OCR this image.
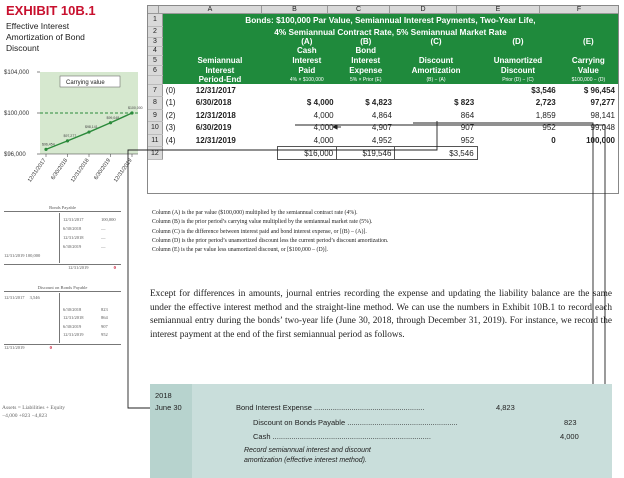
EXHIBIT 10B.1
Effective Interest Amortization of Bond Discount
$104,000
$100,000
$96,000
Carrying value
$96,454
12/31/2017
$97,277
6/30/2018
$98,141
12/31/2018
$99,048
6/30/2019
$100,000
12/31/2019
A	B	C	D	E	F
1	Bonds: $100,000 Par Value, Semiannual Interest Payments, Two-Year Life,					
2	4% Semiannual Contract Rate, 5% Semiannual Market Rate					
3		(A)	(B)	(C)	(D)	(E)
4		Cash	Bond			
5	Semiannual	Interest	Interest	Discount	Unamortized	Carrying
6	Interest	Paid	Expense	Amortization	Discount	Value
	Period-End	4% × $100,000	5% × Prior (E)	(B) − (A)	Prior (D) − (C)	$100,000 − (D)
7	(0) 12/31/2017				$3,546	$ 96,454
8	(1) 6/30/2018	$ 4,000	$ 4,823	$ 823	2,723	97,277
9	(2) 12/31/2018	4,000	4,864	864	1,859	98,141
10	(3) 6/30/2019	4,000	4,907	907	952	99,048
11	(4) 12/31/2019	4,000	4,952	952	0	100,000
12		$16,000	$19,546	$3,546		
Bonds Payable
12/31/2019 100,000
12/31/2017	100,000
6/30/2018	—
12/31/2018	—
6/30/2019	—
12/31/2019	0
Discount on Bonds Payable
12/31/2017 3,546
6/30/2018	823
12/31/2018	864
6/30/2019	907
12/31/2019	952
12/31/2019	0
Column (A) is the par value ($100,000) multiplied by the semiannual contract rate (4%).
Column (B) is the prior period’s carrying value multiplied by the semiannual market rate (5%).
Column (C) is the difference between interest paid and bond interest expense, or [(B) – (A)].
Column (D) is the prior period’s unamortized discount less the current period’s discount amortization.
Column (E) is the par value less unamortized discount, or [$100,000 – (D)].
Except for differences in amounts, journal entries recording the expense and updating the liability balance are the same under the effective interest method and the straight-line method. We can use the numbers in Exhibit 10B.1 to record each semiannual entry during the bonds’ two-year life (June 30, 2018, through December 31, 2019). For instance, we record the interest payment at the end of the first semiannual period as follows.
Assets = Liabilities + Equity
−4,000 +823 −4,823
2018
June 30	Bond Interest Expense .....................................................	4,823
Discount on Bonds Payable .....................................................	823
Cash ............................................................................	4,000
Record semiannual interest and discount
amortization (effective interest method).
